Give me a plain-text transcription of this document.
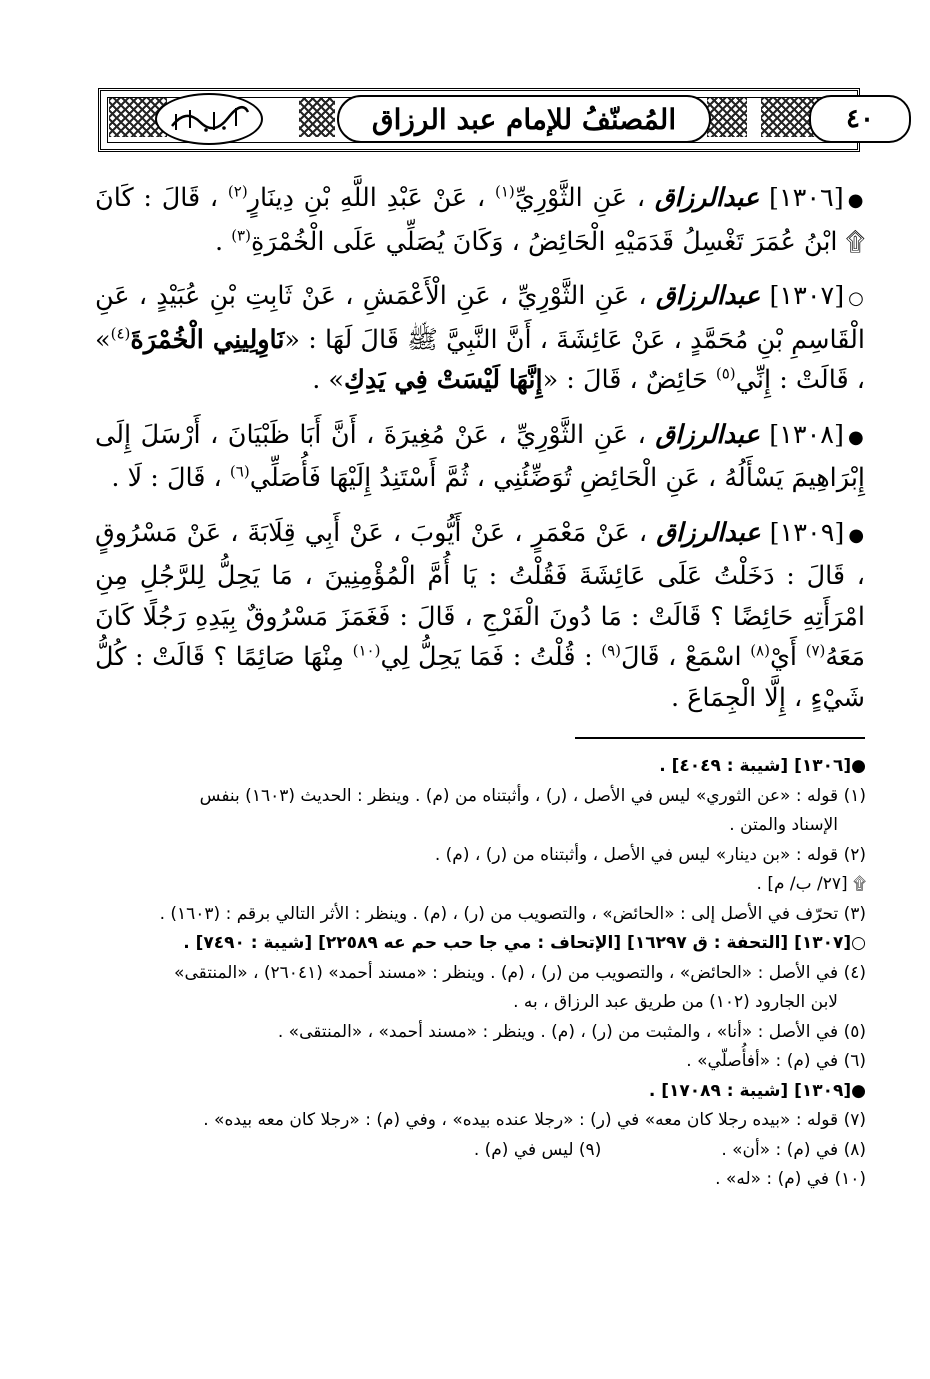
المُصنّفُ للإمام عبد الرزاق	٤٠

●[١٣٠٦] عبدالرزاق ، عَنِ الثَّوْرِيِّ$^{(١)}$ ، عَنْ عَبْدِ اللَّهِ بْنِ دِينَارٍ$^{(٢)}$ ، قَالَ : كَانَ ۩ ابْنُ عُمَرَ تَغْسِلُ قَدَمَيْهِ الْحَائِضُ ، وَكَانَ يُصَلِّي عَلَى الْخُمْرَةِ$^{(٣)}$ .

○[١٣٠٧] عبدالرزاق ، عَنِ الثَّوْرِيِّ ، عَنِ الْأَعْمَشِ ، عَنْ ثَابِتِ بْنِ عُبَيْدٍ ، عَنِ الْقَاسِمِ بْنِ مُحَمَّدٍ ، عَنْ عَائِشَةَ ، أَنَّ النَّبِيَّ ﷺ قَالَ لَهَا : «نَاوِلِينِي الْخُمْرَةَ$^{(٤)}$» ، قَالَتْ : إِنِّي$^{(٥)}$ حَائِضٌ ، قَالَ : «إِنَّهَا لَيْسَتْ فِي يَدِكِ» .

●[١٣٠٨] عبدالرزاق ، عَنِ الثَّوْرِيِّ ، عَنْ مُغِيرَةَ ، أَنَّ أَبَا ظَبْيَانَ ، أَرْسَلَ إِلَى إِبْرَاهِيمَ يَسْأَلُهُ ، عَنِ الْحَائِضِ تُوَضِّئُنِي ، ثُمَّ أَسْتَنِدُ إِلَيْهَا فَأُصَلِّي$^{(٦)}$ ، قَالَ : لَا .

●[١٣٠٩] عبدالرزاق ، عَنْ مَعْمَرٍ ، عَنْ أَيُّوبَ ، عَنْ أَبِي قِلَابَةَ ، عَنْ مَسْرُوقٍ ، قَالَ : دَخَلْتُ عَلَى عَائِشَةَ فَقُلْتُ : يَا أُمَّ الْمُؤْمِنِينَ ، مَا يَحِلُّ لِلرَّجُلِ مِنِ امْرَأَتِهِ حَائِضًا ؟ قَالَتْ : مَا دُونَ الْفَرْجِ ، قَالَ : فَغَمَزَ مَسْرُوقٌ بِيَدِهِ رَجُلًا كَانَ مَعَهُ$^{(٧)}$ أَيْ$^{(٨)}$ اسْمَعْ ، قَالَ$^{(٩)}$ : قُلْتُ : فَمَا يَحِلُّ لِي$^{(١٠)}$ مِنْهَا صَائِمًا ؟ قَالَتْ : كُلُّ شَيْءٍ ، إِلَّا الْجِمَاعَ .

●[١٣٠٦] [شيبة : ٤٠٤٩] .

(١) قوله : «عن الثوري» ليس في الأصل ، (ر) ، وأثبتناه من (م) . وينظر : الحديث (١٦٠٣) بنفس
الإسناد والمتن .

(٢) قوله : «بن دينار» ليس في الأصل ، وأثبتناه من (ر) ، (م) .

۩ [٢٧/ ب/ م] .

(٣) تحرّف في الأصل إلى : «الحائض» ، والتصويب من (ر) ، (م) . وينظر : الأثر التالي برقم : (١٦٠٣) .

○[١٣٠٧] [التحفة : ق ١٦٢٩٧] [الإتحاف : مي جا حب حم عه ٢٢٥٨٩] [شيبة : ٧٤٩٠] .

(٤) في الأصل : «الحائض» ، والتصويب من (ر) ، (م) . وينظر : «مسند أحمد» (٢٦٠٤١) ، «المنتقى»
لابن الجارود (١٠٢) من طريق عبد الرزاق ، به .

(٥) في الأصل : «أنا» ، والمثبت من (ر) ، (م) . وينظر : «مسند أحمد» ، «المنتقى» .

(٦) في (م) : «أفأُصلّي» .

●[١٣٠٩] [شيبة : ١٧٠٨٩] .

(٧) قوله : «بيده رجلا كان معه» في (ر) : «رجلا عنده بيده» ، وفي (م) : «رجلا كان معه بيده» .

(٨) في (م) : «أن» .
(٩) ليس في (م) .

(١٠) في (م) : «له» .
